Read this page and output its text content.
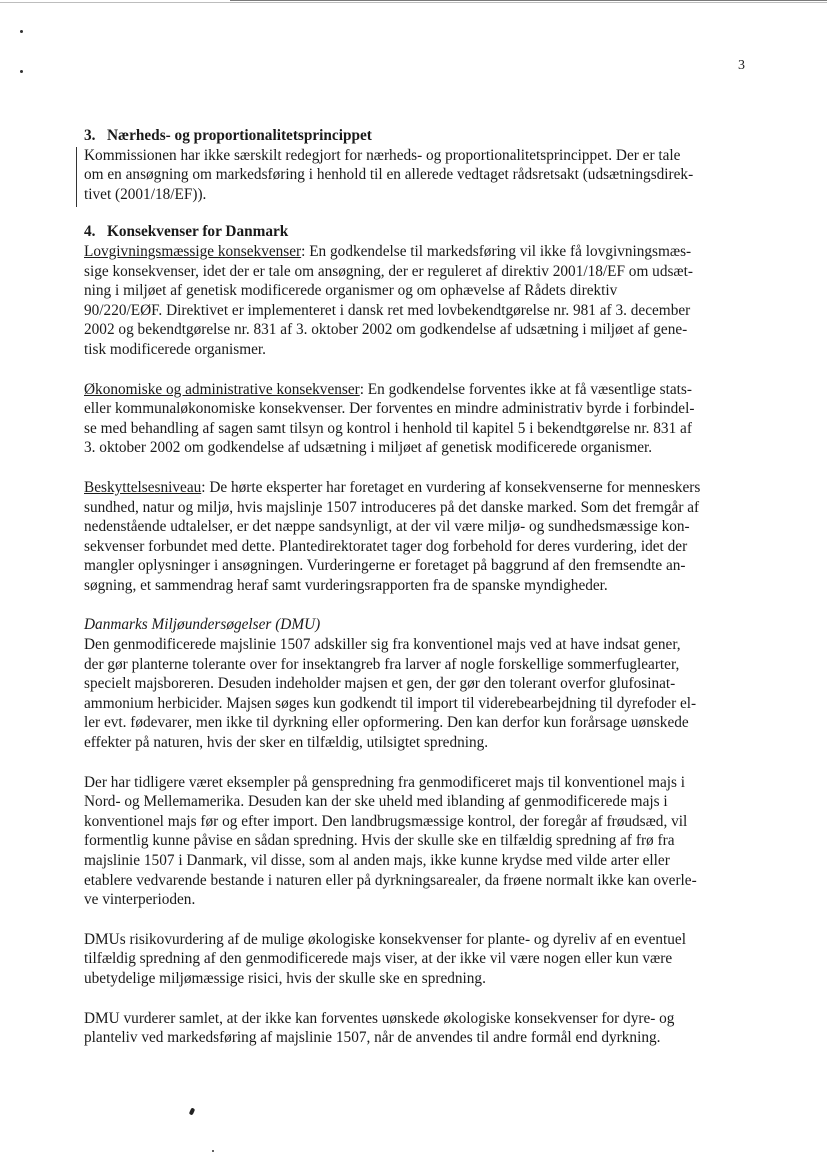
3

3. Nærheds- og proportionalitetsprincippet

Kommissionen har ikke særskilt redegjort for nærheds- og proportionalitetsprincippet. Der er tale

om en ansøgning om markedsføring i henhold til en allerede vedtaget rådsretsakt (udsætningsdirek-

tivet (2001/18/EF)).

4. Konsekvenser for Danmark

Lovgivningsmæssige konsekvenser: En godkendelse til markedsføring vil ikke få lovgivningsmæs-

sige konsekvenser, idet der er tale om ansøgning, der er reguleret af direktiv 2001/18/EF om udsæt-

ning i miljøet af genetisk modificerede organismer og om ophævelse af Rådets direktiv

90/220/EØF. Direktivet er implementeret i dansk ret med lovbekendtgørelse nr. 981 af 3. december

2002 og bekendtgørelse nr. 831 af 3. oktober 2002 om godkendelse af udsætning i miljøet af gene-

tisk modificerede organismer.

Økonomiske og administrative konsekvenser: En godkendelse forventes ikke at få væsentlige stats-

eller kommunaløkonomiske konsekvenser. Der forventes en mindre administrativ byrde i forbindel-

se med behandling af sagen samt tilsyn og kontrol i henhold til kapitel 5 i bekendtgørelse nr. 831 af

3. oktober 2002 om godkendelse af udsætning i miljøet af genetisk modificerede organismer.

Beskyttelsesniveau: De hørte eksperter har foretaget en vurdering af konsekvenserne for menneskers

sundhed, natur og miljø, hvis majslinje 1507 introduceres på det danske marked. Som det fremgår af

nedenstående udtalelser, er det næppe sandsynligt, at der vil være miljø- og sundhedsmæssige kon-

sekvenser forbundet med dette. Plantedirektoratet tager dog forbehold for deres vurdering, idet der

mangler oplysninger i ansøgningen. Vurderingerne er foretaget på baggrund af den fremsendte an-

søgning, et sammendrag heraf samt vurderingsrapporten fra de spanske myndigheder.

Danmarks Miljøundersøgelser (DMU)

Den genmodificerede majslinie 1507 adskiller sig fra konventionel majs ved at have indsat gener,

der gør planterne tolerante over for insektangreb fra larver af nogle forskellige sommerfuglearter,

specielt majsboreren. Desuden indeholder majsen et gen, der gør den tolerant overfor glufosinat-

ammonium herbicider. Majsen søges kun godkendt til import til viderebearbejdning til dyrefoder el-

ler evt. fødevarer, men ikke til dyrkning eller opformering. Den kan derfor kun forårsage uønskede

effekter på naturen, hvis der sker en tilfældig, utilsigtet spredning.

Der har tidligere været eksempler på genspredning fra genmodificeret majs til konventionel majs i

Nord- og Mellemamerika. Desuden kan der ske uheld med iblanding af genmodificerede majs i

konventionel majs før og efter import. Den landbrugsmæssige kontrol, der foregår af frøudsæd, vil

formentlig kunne påvise en sådan spredning. Hvis der skulle ske en tilfældig spredning af frø fra

majslinie 1507 i Danmark, vil disse, som al anden majs, ikke kunne krydse med vilde arter eller

etablere vedvarende bestande i naturen eller på dyrkningsarealer, da frøene normalt ikke kan overle-

ve vinterperioden.

DMUs risikovurdering af de mulige økologiske konsekvenser for plante- og dyreliv af en eventuel

tilfældig spredning af den genmodificerede majs viser, at der ikke vil være nogen eller kun være

ubetydelige miljømæssige risici, hvis der skulle ske en spredning.

DMU vurderer samlet, at der ikke kan forventes uønskede økologiske konsekvenser for dyre- og

planteliv ved markedsføring af majslinie 1507, når de anvendes til andre formål end dyrkning.
